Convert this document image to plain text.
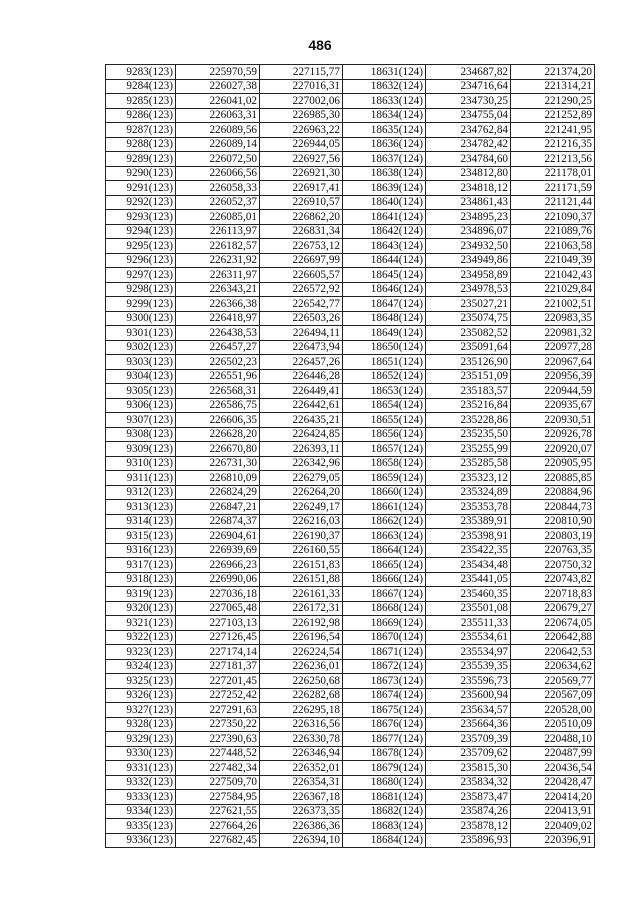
486
9283(123)	225970,59	227115,77	18631(124)	234687,82	221374,20
9284(123)	226027,38	227016,31	18632(124)	234716,64	221314,21
9285(123)	226041,02	227002,06	18633(124)	234730,25	221290,25
9286(123)	226063,31	226985,30	18634(124)	234755,04	221252,89
9287(123)	226089,56	226963,22	18635(124)	234762,84	221241,95
9288(123)	226089,14	226944,05	18636(124)	234782,42	221216,35
9289(123)	226072,50	226927,56	18637(124)	234784,60	221213,56
9290(123)	226066,56	226921,30	18638(124)	234812,80	221178,01
9291(123)	226058,33	226917,41	18639(124)	234818,12	221171,59
9292(123)	226052,37	226910,57	18640(124)	234861,43	221121,44
9293(123)	226085,01	226862,20	18641(124)	234895,23	221090,37
9294(123)	226113,97	226831,34	18642(124)	234896,07	221089,76
9295(123)	226182,57	226753,12	18643(124)	234932,50	221063,58
9296(123)	226231,92	226697,99	18644(124)	234949,86	221049,39
9297(123)	226311,97	226605,57	18645(124)	234958,89	221042,43
9298(123)	226343,21	226572,92	18646(124)	234978,53	221029,84
9299(123)	226366,38	226542,77	18647(124)	235027,21	221002,51
9300(123)	226418,97	226503,26	18648(124)	235074,75	220983,35
9301(123)	226438,53	226494,11	18649(124)	235082,52	220981,32
9302(123)	226457,27	226473,94	18650(124)	235091,64	220977,28
9303(123)	226502,23	226457,26	18651(124)	235126,90	220967,64
9304(123)	226551,96	226446,28	18652(124)	235151,09	220956,39
9305(123)	226568,31	226449,41	18653(124)	235183,57	220944,59
9306(123)	226586,75	226442,61	18654(124)	235216,84	220935,67
9307(123)	226606,35	226435,21	18655(124)	235228,86	220930,51
9308(123)	226628,20	226424,85	18656(124)	235235,50	220926,78
9309(123)	226670,80	226393,11	18657(124)	235255,99	220920,07
9310(123)	226731,30	226342,96	18658(124)	235285,58	220905,95
9311(123)	226810,09	226279,05	18659(124)	235323,12	220885,85
9312(123)	226824,29	226264,20	18660(124)	235324,89	220884,96
9313(123)	226847,21	226249,17	18661(124)	235353,78	220844,73
9314(123)	226874,37	226216,03	18662(124)	235389,91	220810,90
9315(123)	226904,61	226190,37	18663(124)	235398,91	220803,19
9316(123)	226939,69	226160,55	18664(124)	235422,35	220763,35
9317(123)	226966,23	226151,83	18665(124)	235434,48	220750,32
9318(123)	226990,06	226151,88	18666(124)	235441,05	220743,82
9319(123)	227036,18	226161,33	18667(124)	235460,35	220718,83
9320(123)	227065,48	226172,31	18668(124)	235501,08	220679,27
9321(123)	227103,13	226192,98	18669(124)	235511,33	220674,05
9322(123)	227126,45	226196,54	18670(124)	235534,61	220642,88
9323(123)	227174,14	226224,54	18671(124)	235534,97	220642,53
9324(123)	227181,37	226236,01	18672(124)	235539,35	220634,62
9325(123)	227201,45	226250,68	18673(124)	235596,73	220569,77
9326(123)	227252,42	226282,68	18674(124)	235600,94	220567,09
9327(123)	227291,63	226295,18	18675(124)	235634,57	220528,00
9328(123)	227350,22	226316,56	18676(124)	235664,36	220510,09
9329(123)	227390,63	226330,78	18677(124)	235709,39	220488,10
9330(123)	227448,52	226346,94	18678(124)	235709,62	220487,99
9331(123)	227482,34	226352,01	18679(124)	235815,30	220436,54
9332(123)	227509,70	226354,31	18680(124)	235834,32	220428,47
9333(123)	227584,95	226367,18	18681(124)	235873,47	220414,20
9334(123)	227621,55	226373,35	18682(124)	235874,26	220413,91
9335(123)	227664,26	226386,36	18683(124)	235878,12	220409,02
9336(123)	227682,45	226394,10	18684(124)	235896,93	220396,91
